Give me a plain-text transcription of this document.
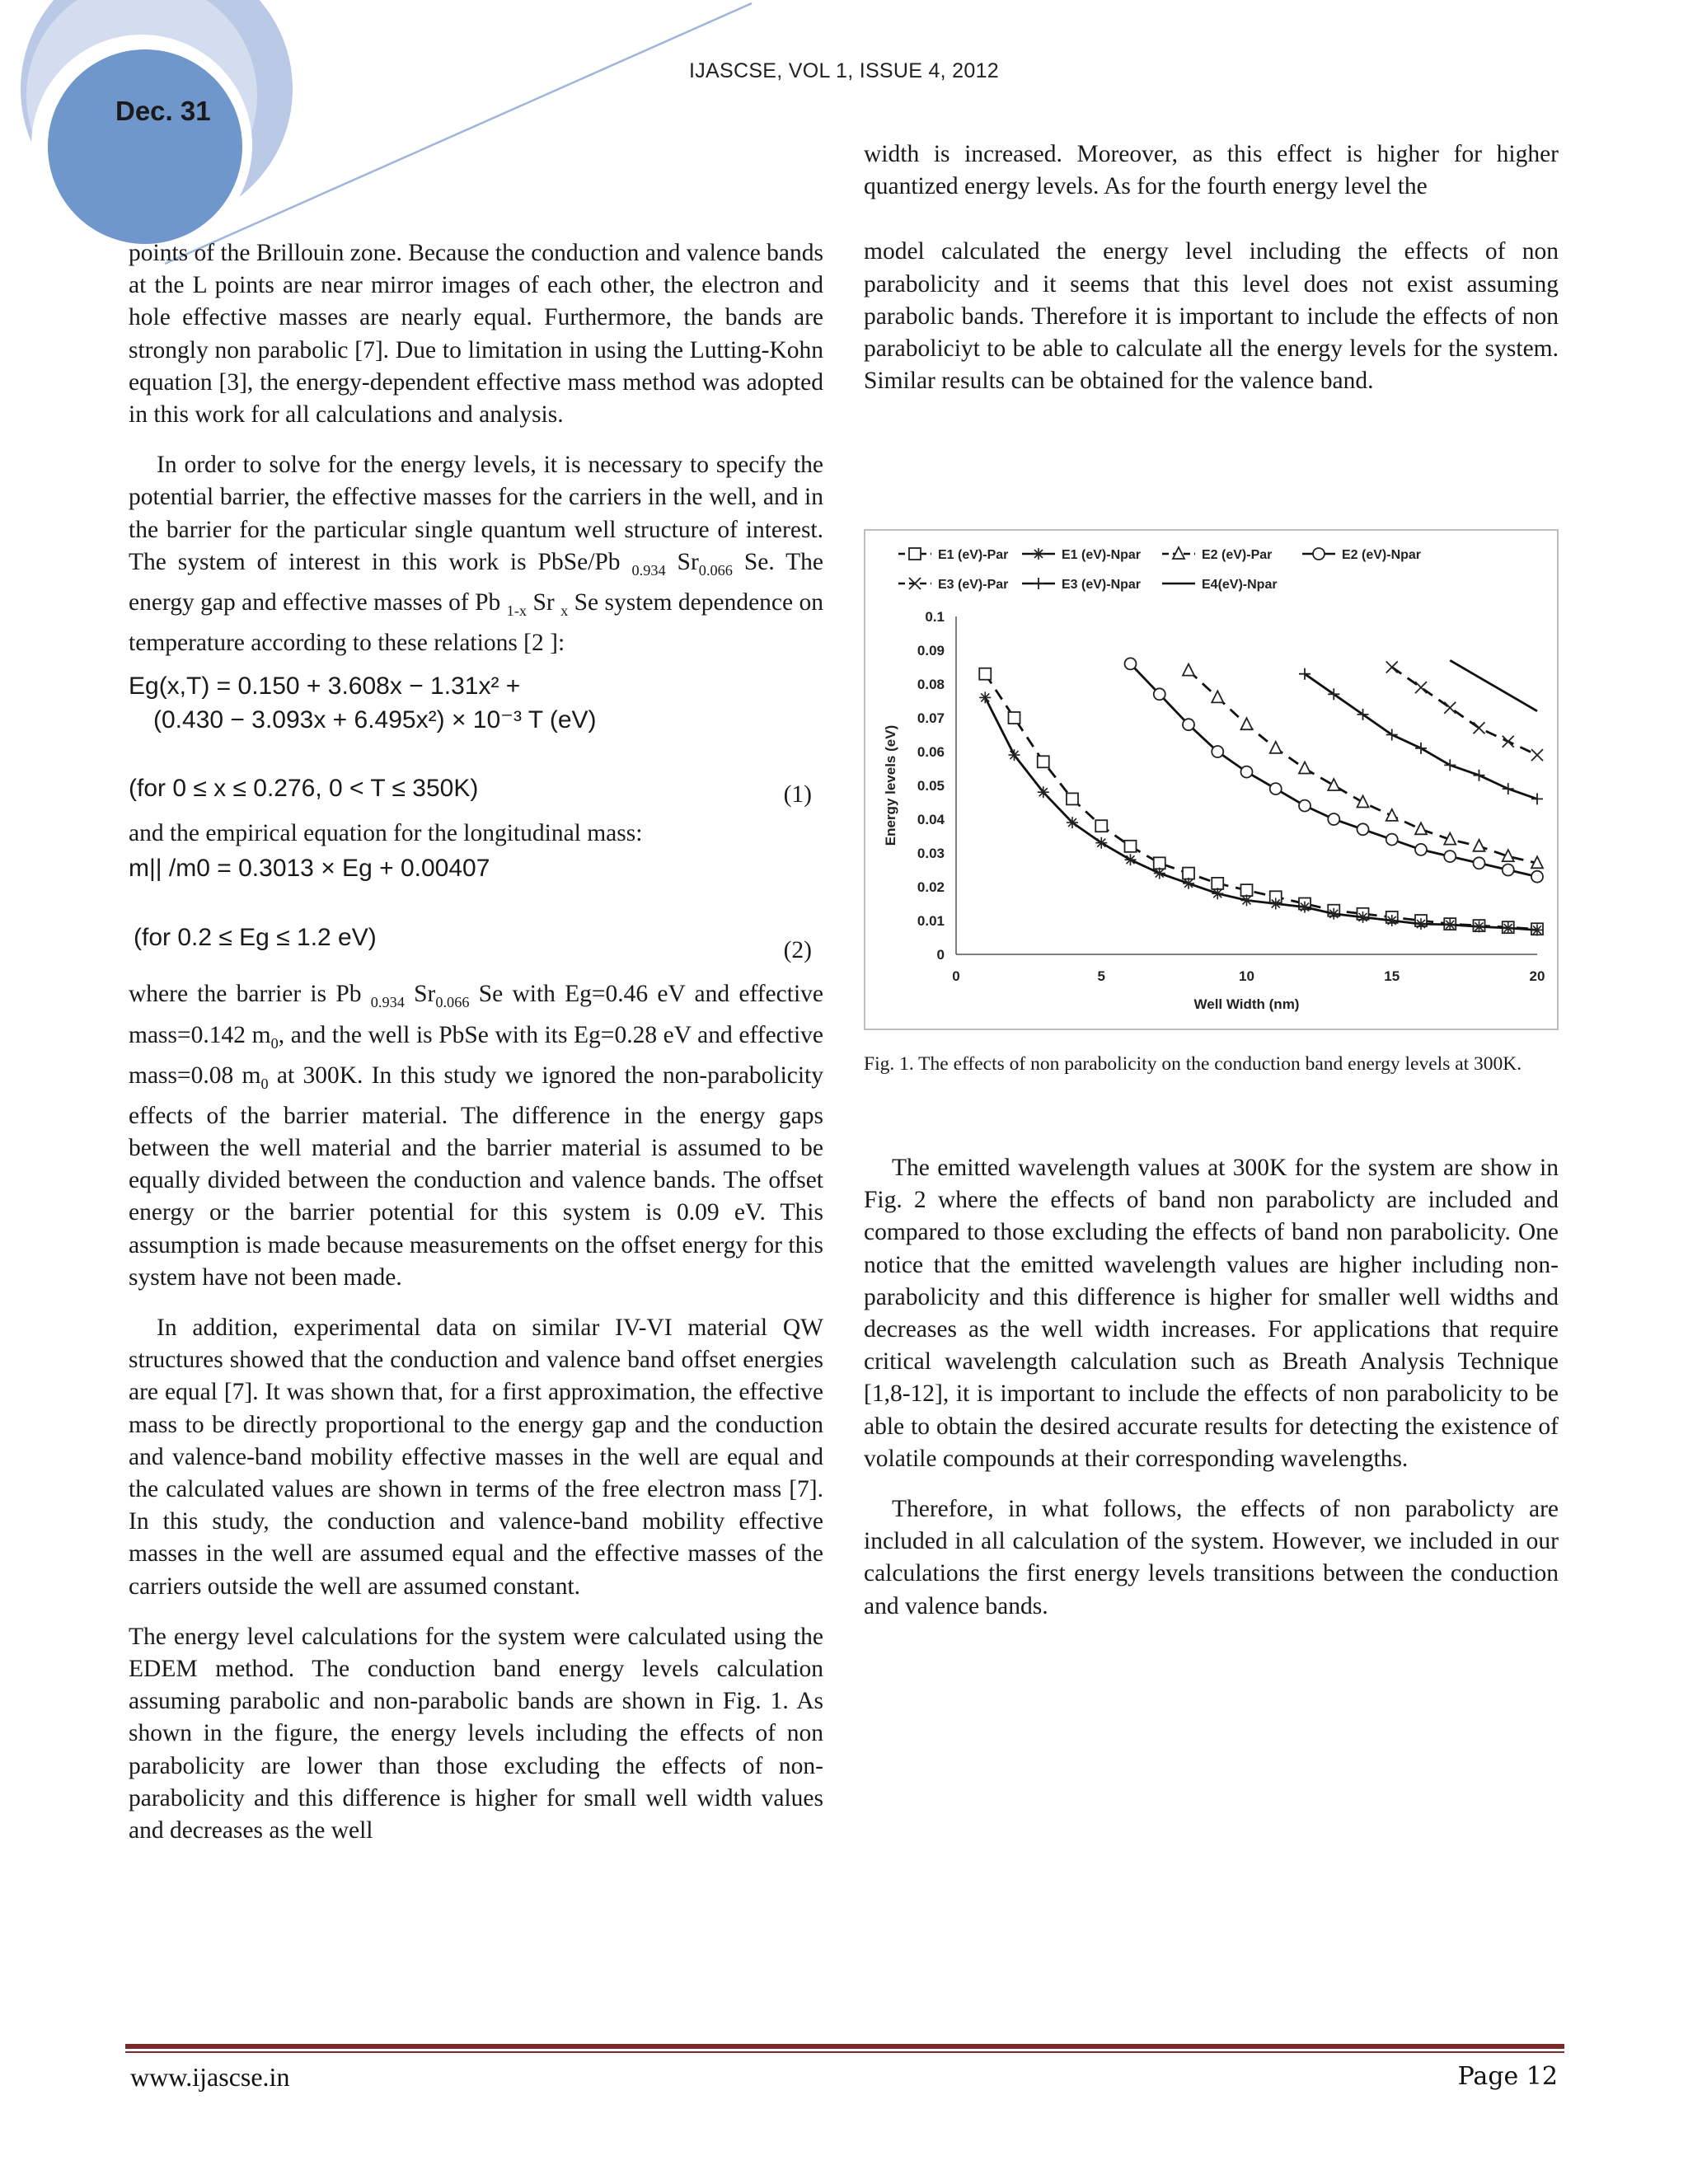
IJASCSE, VOL 1, ISSUE 4, 2012
Dec. 31

points of the Brillouin zone. Because the conduction and valence bands at the L points are near mirror images of each other, the electron and hole effective masses are nearly equal. Furthermore, the bands are strongly non parabolic [7]. Due to limitation in using the Lutting-Kohn equation [3], the energy-dependent effective mass method was adopted in this work for all calculations and analysis.

In order to solve for the energy levels, it is necessary to specify the potential barrier, the effective masses for the carriers in the well, and in the barrier for the particular single quantum well structure of interest. The system of interest in this work is PbSe/Pb $_{0.934}$ $Sr_{0.066}$ Se. The energy gap and effective masses of Pb $_{1-x}$ Sr $_x$ Se system dependence on temperature according to these relations [2 ]:

Eg(x,T) = 0.150 + 3.608x − 1.31x² +
(0.430 − 3.093x + 6.495x²) × 10⁻³ T (eV)
(for 0 ≤ x ≤ 0.276, 0 < T ≤ 350K)	(1)

and the empirical equation for the longitudinal mass:

m|| /m0 = 0.3013 × Eg + 0.00407
(for 0.2 ≤ Eg ≤ 1.2 eV)	(2)

where the barrier is Pb $_{0.934}$ $Sr_{0.066}$ Se with Eg=0.46 eV and effective mass=0.142 $m_0$, and the well is PbSe with its Eg=0.28 eV and effective mass=0.08 $m_0$ at 300K. In this study we ignored the non-parabolicity effects of the barrier material. The difference in the energy gaps between the well material and the barrier material is assumed to be equally divided between the conduction and valence bands. The offset energy or the barrier potential for this system is 0.09 eV. This assumption is made because measurements on the offset energy for this system have not been made.

In addition, experimental data on similar IV-VI material QW structures showed that the conduction and valence band offset energies are equal [7]. It was shown that, for a first approximation, the effective mass to be directly proportional to the energy gap and the conduction and valence-band mobility effective masses in the well are equal and the calculated values are shown in terms of the free electron mass [7]. In this study, the conduction and valence-band mobility effective masses in the well are assumed equal and the effective masses of the carriers outside the well are assumed constant.

The energy level calculations for the system were calculated using the EDEM method. The conduction band energy levels calculation assuming parabolic and non-parabolic bands are shown in Fig. 1. As shown in the figure, the energy levels including the effects of non parabolicity are lower than those excluding the effects of non-parabolicity and this difference is higher for small well width values and decreases as the well

width is increased. Moreover, as this effect is higher for higher quantized energy levels. As for the fourth energy level the

model calculated the energy level including the effects of non parabolicity and it seems that this level does not exist assuming parabolic bands. Therefore it is important to include the effects of non paraboliciyt to be able to calculate all the energy levels for the system. Similar results can be obtained for the valence band.

0
0.01
0.02
0.03
0.04
0.05
0.06
0.07
0.08
0.09
0.1
0	5	10	15	20
Well Width (nm)
Energy levels (eV)
E1 (eV)-Par	E1 (eV)-Npar	E2 (eV)-Par	E2 (eV)-Npar
E3 (eV)-Par	E3 (eV)-Npar	E4(eV)-Npar
Fig. 1. The effects of non parabolicity on the conduction band energy levels at 300K.

The emitted wavelength values at 300K for the system are show in Fig. 2 where the effects of band non parabolicty are included and compared to those excluding the effects of band non parabolicity. One notice that the emitted wavelength values are higher including non-parabolicity and this difference is higher for smaller well widths and decreases as the well width increases. For applications that require critical wavelength calculation such as Breath Analysis Technique [1,8-12], it is important to include the effects of non parabolicity to be able to obtain the desired accurate results for detecting the existence of volatile compounds at their corresponding wavelengths.

Therefore, in what follows, the effects of non parabolicty are included in all calculation of the system. However, we included in our calculations the first energy levels transitions between the conduction and valence bands.

www.ijascse.in	Page 12
